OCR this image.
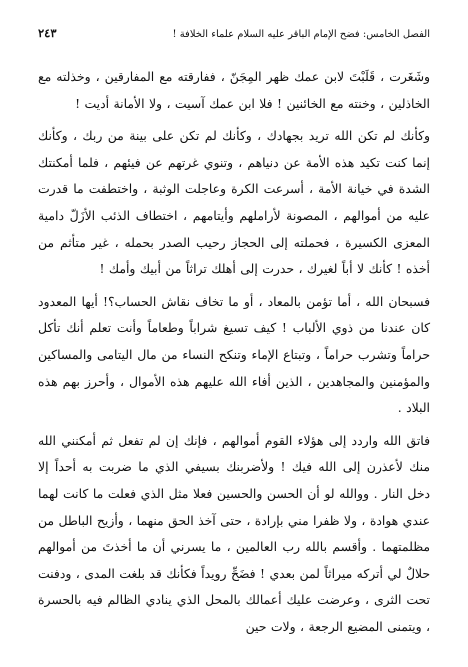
الفصل الخامس: فضح الإمام الباقر عليه السلام علماء الخلافة !
٢٤٣

وشَغَرت ، قَلَبْتَ لابن عمك ظهر المِجَنّ ، ففارقته مع المفارقين ، وخذلته مع الخاذلين ، وخنته مع الخائنين ! فلا ابن عمك آسيت ، ولا الأمانة أديت !

وكأنك لم تكن الله تريد بجهادك ، وكأنك لم تكن على بينة من ربك ، وكأنك إنما كنت تكيد هذه الأمة عن دنياهم ، وتنوي غرتهم عن فيئهم ، فلما أمكنتك الشدة في خيانة الأمة ، أسرعت الكرة وعاجلت الوثبة ، واختطفت ما قدرت عليه من أموالهم ، المصونة لأراملهم وأيتامهم ، اختطاف الذئب الأزَلّ دامية المعزى الكسيرة ، فحملته إلى الحجاز رحيب الصدر بحمله ، غير متأثم من أخذه ! كأنك لا أباً لغيرك ، حدرت إلى أهلك تراثاً من أبيك وأمك !

فسبحان الله ، أما تؤمن بالمعاد ، أو ما تخاف نقاش الحساب؟! أيها المعدود كان عندنا من ذوي الألباب ! كيف تسيغ شراباً وطعاماً وأنت تعلم أنك تأكل حراماً وتشرب حراماً ، وتبتاع الإماء وتنكح النساء من مال اليتامى والمساكين والمؤمنين والمجاهدين ، الذين أفاء الله عليهم هذه الأموال ، وأحرز بهم هذه البلاد .

فاتق الله واردد إلى هؤلاء القوم أموالهم ، فإنك إن لم تفعل ثم أمكنني الله منك لأعذرن إلى الله فيك ! ولأضربنك بسيفي الذي ما ضربت به أحداً إلا دخل النار . ووالله لو أن الحسن والحسين فعلا مثل الذي فعلت ما كانت لهما عندي هوادة ، ولا ظفرا مني بإرادة ، حتى آخذ الحق منهما ، وأزيح الباطل من مظلمتهما . وأقسم بالله رب العالمين ، ما يسرني أن ما أخذتَ من أموالهم حلالٌ لي أتركه ميراثاً لمن بعدي ! فضَحِّ رويداً فكأنك قد بلغت المدى ، ودفنت تحت الثرى ، وعرضت عليك أعمالك بالمحل الذي ينادي الظالم فيه بالحسرة ، ويتمنى المضيع الرجعة ، ولات حين
